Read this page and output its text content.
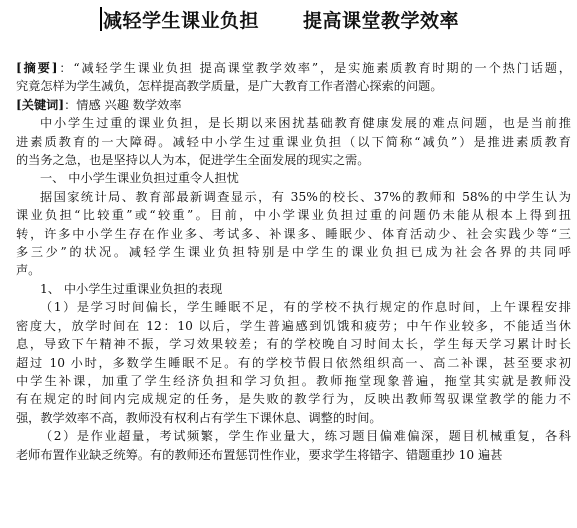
减轻学生课业负担 提高课堂教学效率

[摘要]：“减轻学生课业负担 提高课堂教学效率”，是实施素质教育时期的一个热门话题，
究竟怎样为学生减负，怎样提高教学质量，是广大教育工作者潜心探索的问题。

[关键词]：情感 兴趣 数学效率

中小学生过重的课业负担，是长期以来困扰基础教育健康发展的难点问题，也是当前推
进素质教育的一大障碍。减轻中小学生过重课业负担（以下简称“减负”）是推进素质教育
的当务之急，也是坚持以人为本，促进学生全面发展的现实之需。

一、 中小学生课业负担过重令人担忧

据国家统计局、教育部最新调查显示，有 35%的校长、37%的教师和 58%的中学生认为
课业负担“比较重”或“较重”。目前，中小学课业负担过重的问题仍未能从根本上得到扭
转，许多中小学生存在作业多、考试多、补课多、睡眠少、体育活动少、社会实践少等“三
多三少”的状况。减轻学生课业负担特别是中学生的课业负担已成为社会各界的共同呼
声。

1、 中小学生过重课业负担的表现

（1）是学习时间偏长，学生睡眠不足，有的学校不执行规定的作息时间，上午课程安排
密度大，放学时间在 12：10 以后，学生普遍感到饥饿和疲劳；中午作业较多，不能适当休
息，导致下午精神不振，学习效果较差；有的学校晚自习时间太长，学生每天学习累计时长
超过 10 小时，多数学生睡眠不足。有的学校节假日依然组织高一、高二补课，甚至要求初
中学生补课，加重了学生经济负担和学习负担。教师拖堂现象普遍，拖堂其实就是教师没
有在规定的时间内完成规定的任务，是失败的教学行为，反映出教师驾驭课堂教学的能力不
强，教学效率不高，教师没有权利占有学生下课休息、调整的时间。

（2）是作业超量，考试频繁，学生作业量大，练习题目偏难偏深，题目机械重复，各科
老师布置作业缺乏统筹。有的教师还布置惩罚性作业，要求学生将错字、错题重抄 10 遍甚
